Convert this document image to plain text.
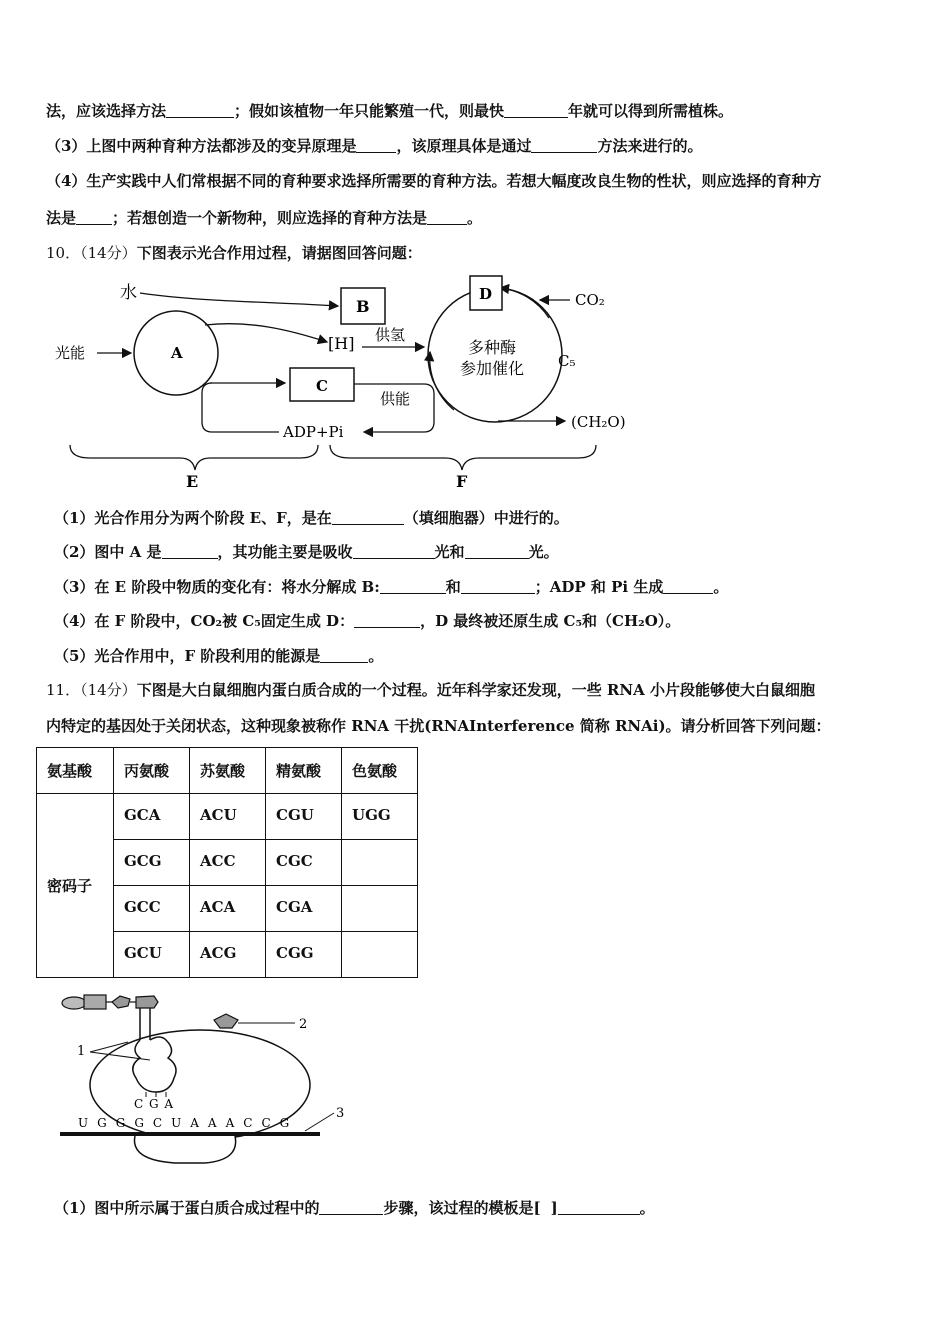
法，应该选择方法	；假如该植物一年只能繁殖一代，则最快	年就可以得到所需植株。
（3）上图中两种育种方法都涉及的变异原理是	，该原理具体是通过	方法来进行的。
（4）生产实践中人们常根据不同的育种要求选择所需要的育种方法。若想大幅度改良生物的性状，则应选择的育种方
法是 ；若想创造一个新物种，则应选择的育种方法是	。
10．（14分）下图表示光合作用过程，请据图回答问题：
水
B
光能	A	[H] 供氢
C
供能
ADP+Pi
D	CO₂
多种酶
参加催化 C₅
(CH₂O)
E	F
（1）光合作用分为两个阶段 E、F，是在	（填细胞器）中进行的。
（2）图中 A 是	，其功能主要是吸收	光和	光。
（3）在 E 阶段中物质的变化有：将水分解成 B:	和	；ADP 和 Pi 生成	。
（4）在 F 阶段中，CO₂被 C₅固定生成 D：	，D 最终被还原生成 C₅和（CH₂O）。
（5）光合作用中，F 阶段利用的能源是	。
11．（14分）下图是大白鼠细胞内蛋白质合成的一个过程。近年科学家还发现，一些 RNA 小片段能够使大白鼠细胞
内特定的基因处于关闭状态，这种现象被称作 RNA 干扰(RNAInterference 简称 RNAi)。请分析回答下列问题：
氨基酸	丙氨酸	苏氨酸	精氨酸	色氨酸
密码子	GCA	ACU	CGU	UGG
	GCG	ACC	CGC	
	GCC	ACA	CGA	
	GCU	ACG	CGG	
C G A
1
2
U G G G C U A A A C C G
3
（1）图中所示属于蛋白质合成过程中的	步骤，该过程的模板是[ ]	。
